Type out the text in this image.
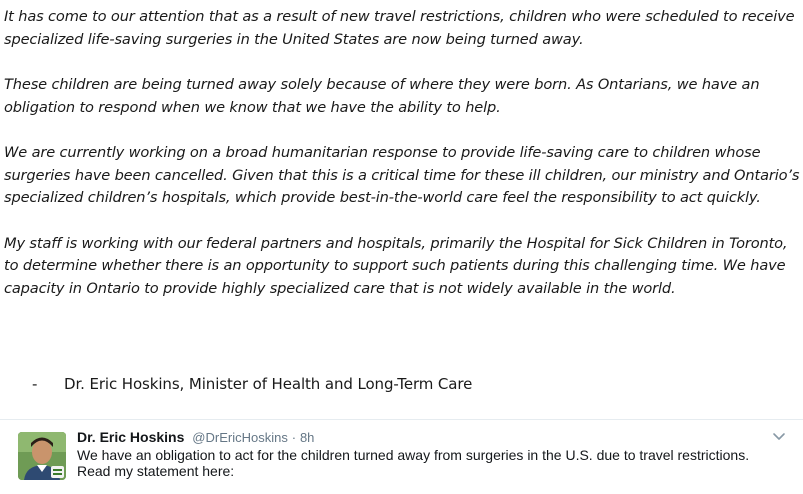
It has come to our attention that as a result of new travel restrictions, children who were scheduled to receive specialized life-saving surgeries in the United States are now being turned away.

These children are being turned away solely because of where they were born. As Ontarians, we have an obligation to respond when we know that we have the ability to help.

We are currently working on a broad humanitarian response to provide life-saving care to children whose surgeries have been cancelled. Given that this is a critical time for these ill children, our ministry and Ontario’s specialized children’s hospitals, which provide best-in-the-world care feel the responsibility to act quickly.

My staff is working with our federal partners and hospitals, primarily the Hospital for Sick Children in Toronto, to determine whether there is an opportunity to support such patients during this challenging time. We have capacity in Ontario to provide highly specialized care that is not widely available in the world.

- Dr. Eric Hoskins, Minister of Health and Long-Term Care
Dr. Eric Hoskins @DrEricHoskins · 8h
We have an obligation to act for the children turned away from surgeries in the U.S. due to travel restrictions.
Read my statement here:
